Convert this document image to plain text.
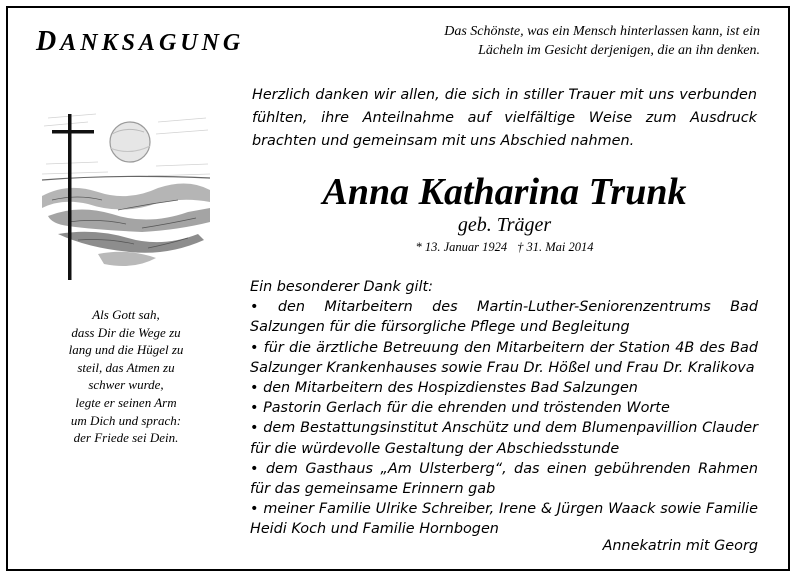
DANKSAGUNG	Das Schönste, was ein Mensch hinterlassen kann, ist ein
Lächeln im Gesicht derjenigen, die an ihn denken.
Herzlich danken wir allen, die sich in stiller Trauer mit uns verbunden fühlten, ihre Anteilnahme auf vielfältige Weise zum Ausdruck brachten und gemeinsam mit uns Abschied nahmen.
Anna Katharina Trunk
geb. Träger
* 13. Januar 1924 † 31. Mai 2014
Ein besonderer Dank gilt:
• den Mitarbeitern des Martin-Luther-Seniorenzentrums Bad Salzungen für die fürsorgliche Pflege und Begleitung
• für die ärztliche Betreuung den Mitarbeitern der Station 4B des Bad Salzunger Krankenhauses sowie Frau Dr. Hößel und Frau Dr. Kralikova
• den Mitarbeitern des Hospizdienstes Bad Salzungen
• Pastorin Gerlach für die ehrenden und tröstenden Worte
• dem Bestattungsinstitut Anschütz und dem Blumenpavillion Clauder für die würdevolle Gestaltung der Abschiedsstunde
• dem Gasthaus „Am Ulsterberg“, das einen gebührenden Rahmen für das gemeinsame Erinnern gab
• meiner Familie Ulrike Schreiber, Irene & Jürgen Waack sowie Familie Heidi Koch und Familie Hornbogen
Annekatrin mit Georg
Als Gott sah,
dass Dir die Wege zu
lang und die Hügel zu
steil, das Atmen zu
schwer wurde,
legte er seinen Arm
um Dich und sprach:
der Friede sei Dein.
